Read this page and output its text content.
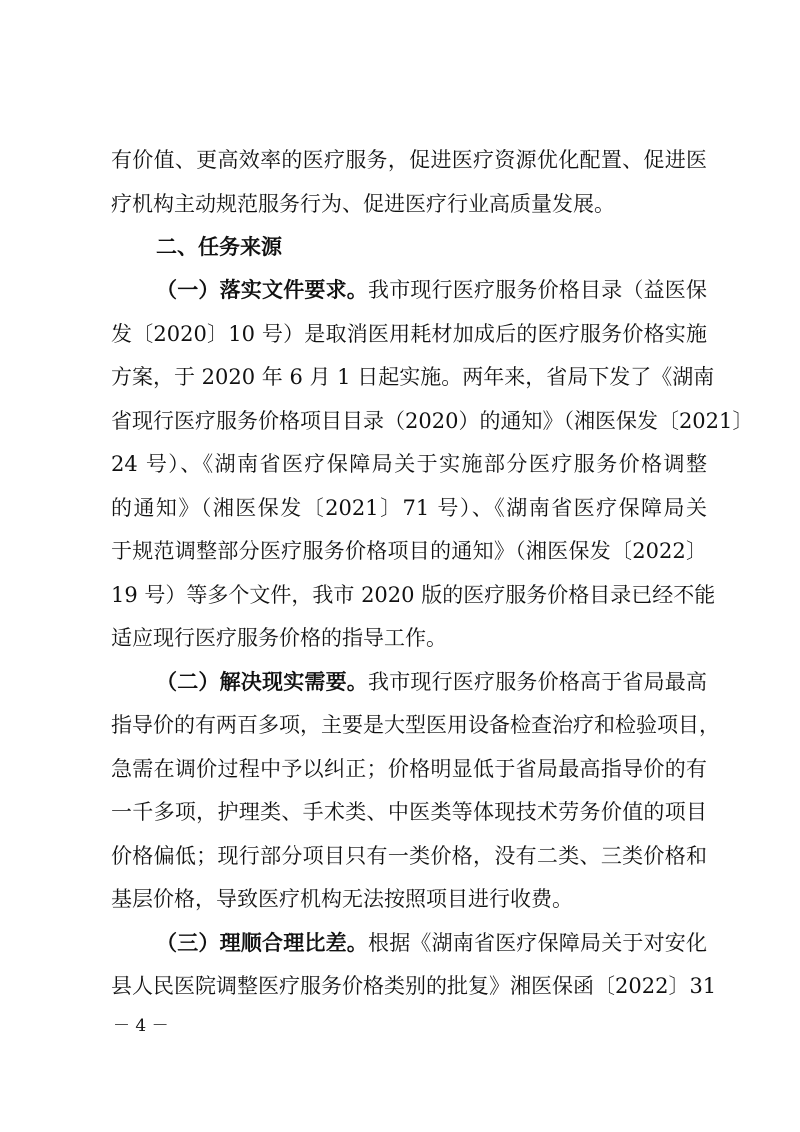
有价值、更高效率的医疗服务，促进医疗资源优化配置、促进医
疗机构主动规范服务行为、促进医疗行业高质量发展。
二、任务来源
（一）落实文件要求。我市现行医疗服务价格目录（益医保
发〔2020〕10 号）是取消医用耗材加成后的医疗服务价格实施
方案，于 2020 年 6 月 1 日起实施。两年来，省局下发了《湖南
省现行医疗服务价格项目目录（2020）的通知》（湘医保发〔2021〕
24 号）、《湖南省医疗保障局关于实施部分医疗服务价格调整
的通知》（湘医保发〔2021〕71 号）、《湖南省医疗保障局关
于规范调整部分医疗服务价格项目的通知》（湘医保发〔2022〕
19 号）等多个文件，我市 2020 版的医疗服务价格目录已经不能
适应现行医疗服务价格的指导工作。
（二）解决现实需要。我市现行医疗服务价格高于省局最高
指导价的有两百多项，主要是大型医用设备检查治疗和检验项目，
急需在调价过程中予以纠正；价格明显低于省局最高指导价的有
一千多项，护理类、手术类、中医类等体现技术劳务价值的项目
价格偏低；现行部分项目只有一类价格，没有二类、三类价格和
基层价格，导致医疗机构无法按照项目进行收费。
（三）理顺合理比差。根据《湖南省医疗保障局关于对安化
县人民医院调整医疗服务价格类别的批复》湘医保函〔2022〕31
－ 4 －
